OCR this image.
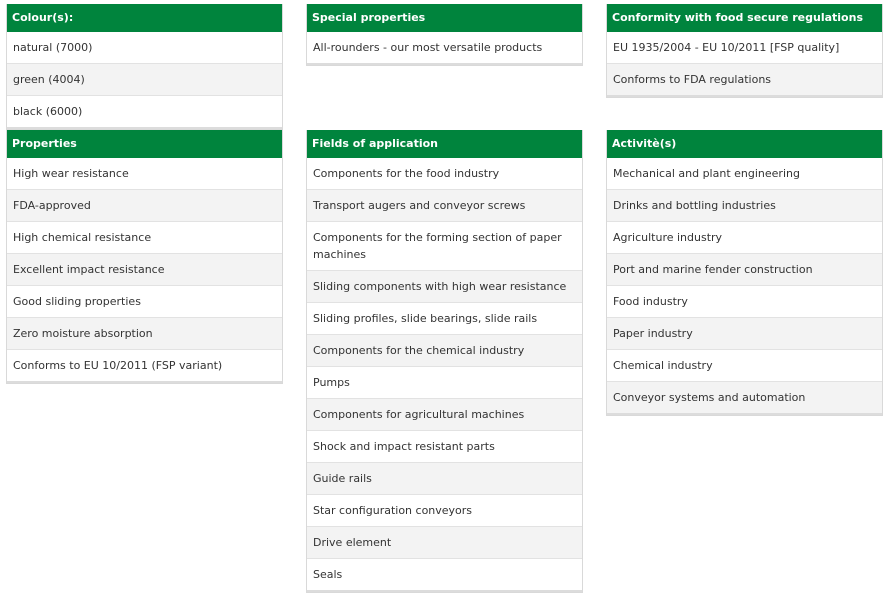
Colour(s):
natural (7000)
green (4004)
black (6000)
Special properties
All-rounders - our most versatile products
Conformity with food secure regulations
EU 1935/2004 - EU 10/2011 [FSP quality]
Conforms to FDA regulations
Properties
High wear resistance
FDA-approved
High chemical resistance
Excellent impact resistance
Good sliding properties
Zero moisture absorption
Conforms to EU 10/2011 (FSP variant)
Fields of application
Components for the food industry
Transport augers and conveyor screws
Components for the forming section of paper machines
Sliding components with high wear resistance
Sliding profiles, slide bearings, slide rails
Components for the chemical industry
Pumps
Components for agricultural machines
Shock and impact resistant parts
Guide rails
Star configuration conveyors
Drive element
Seals
Activitè(s)
Mechanical and plant engineering
Drinks and bottling industries
Agriculture industry
Port and marine fender construction
Food industry
Paper industry
Chemical industry
Conveyor systems and automation
